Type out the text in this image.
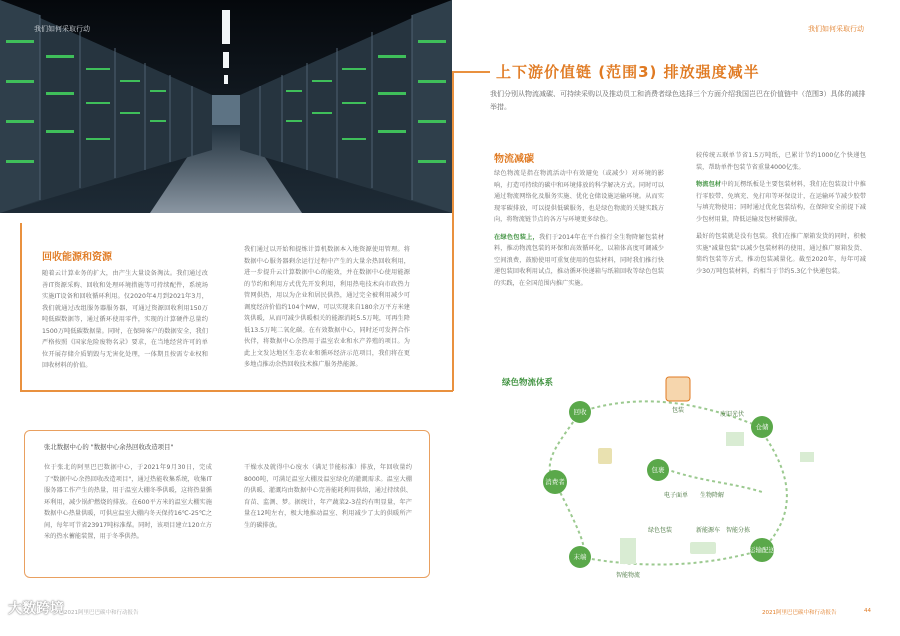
我们如何采取行动	我们如何采取行动
上下游价值链 (范围3) 排放强度减半
我们分别从物流减碳、可持续采购以及推动员工和消费者绿色选择三个方面介绍我国岂巴在价值链中（范围3）具体的减排举措。
回收能源和资源
随着云计算业务的扩大，由产生大量设备淘汰。我们通过改善IT资源采购、回收和处理环境措施等可持续配件，系统场实施IT设备和回收循环利用。仅2020年4月到2021年3月，我们就通过改组服务器服务器，可通过资源回收利用150万吨低碳数据等，通过循环使用零件，实现的计算硬件总量约1500万吨低碳数据量。同时，在保障客户的数据安全，我们严格按照《国家危险废物名录》要求，在当地经营许可的单位开展存储介质销毁与无害化处理，一体期且按需专业权和回收材料的价值。
我们通过以开始和提炼计算机数据本入地资源使用管理。将数据中心服务器剩余运行过程中产生的大量余热回收利用，进一步提升云计算数据中心的能效，并在数据中心使用能源的节约和利用方式优先开发利用，利用热电技术向市政热力管网供热，用以为企业和居民供热，通过完全被利用减少可调度经济价值约104个MW，可以实现来自180余万平方米建筑供暖，从而可减少供暖相关的能源消耗5.5万吨，可再生降低13.5万吨二氧化碳。在有效数据中心，同时还可发挥合作伙伴，将数据中心余热用于温室农业和水产养殖的项目。为此上文发达地区生态农业和循环经济示范项目，我们将在更多地点推动余热回收技术推广服务热能源。
张北数据中心的 "数据中心余热回收改造项目"
位于张北的阿里巴巴数据中心，于2021年9月30日，完成了"数据中心余热回收改造项目"，通过热能收集系统，收集IT服务器工作产生的热量，用于温室大棚冬季供暖，这将热量循环利用，减少锅炉燃烧的排放。在600平方米的温室大棚实施数据中心热量供暖，可供应温室大棚内冬天保持16℃-25℃之间，每年可节省23917吨标准煤。同时，该项目建立120立方米的热水蓄能装置，用于冬季供热。
干燥水及就得中心废水（满足节能标准）排放，年回收量约8000吨，可满足温室大棚及温室绿化的灌溉需求。温室大棚的供暖、灌溉均由数据中心完善能耗利用供给，通过持续供、育苗、监测、梦。据统计，年产蔬菜2-3茬约有明显量，年产量在12吨左右，极大地推动温室、利用减少了太的供暖所产生的碳排放。
物流减碳

绿色物流是指在物流活动中有效避免（或减少）对环境的影响，打造可持续的碳中和环境排放的科学解决方式。同时可以通过物流网络化及服务实施、优化仓储设施运输环境。从而实现零碳排放，可以提供低碳服务，也是绿色物流的关键实践方向，将物流链节点的各方与环境更多绿色。

在绿色包装上，我们于2014年在平台推行全生物降解包装材料，推动物流包装的环保和高效循环化，以箱体高度可调减少空间浪费，鼓励使用可重复使用的包装材料，同时我们推行快递包装回收利用试点，推动循环快递箱与纸箱回收等绿色包装的实践，在全国范围内推广实施。

较传统五联单节省1.5万吨纸，已累计节约1000亿个快递包装，帮助单件包装节省重量4000亿张。

物流包材中的瓦楞纸板是主要包装材料，我们在包装设计中推行零胶带、免填充、免打印等环保设计，在运输环节减少胶带与填充物使用；同时通过优化包装结构，在保障安全前提下减少包材用量，降低运输及包材碳排放。

最好的包装就是没有包装。我们在推广原箱发货的同时，积极实施"减量包装"以减少包装材料的使用，通过推广原箱发货、简约包装等方式，推动包装减量化。截至2020年，每年可减少30万吨包装材料，约相当于节约5.3亿个快递包装。

绿色物流体系
回收
消费者
末端
仓储
运输配送
包裹
包装
废旧光伏
电子面单 生物降解
智能物流
绿色包装	新能源车 智能分拣
2021阿里巴巴碳中和行动报告	2021阿里巴巴碳中和行动报告	44
大数跨境
